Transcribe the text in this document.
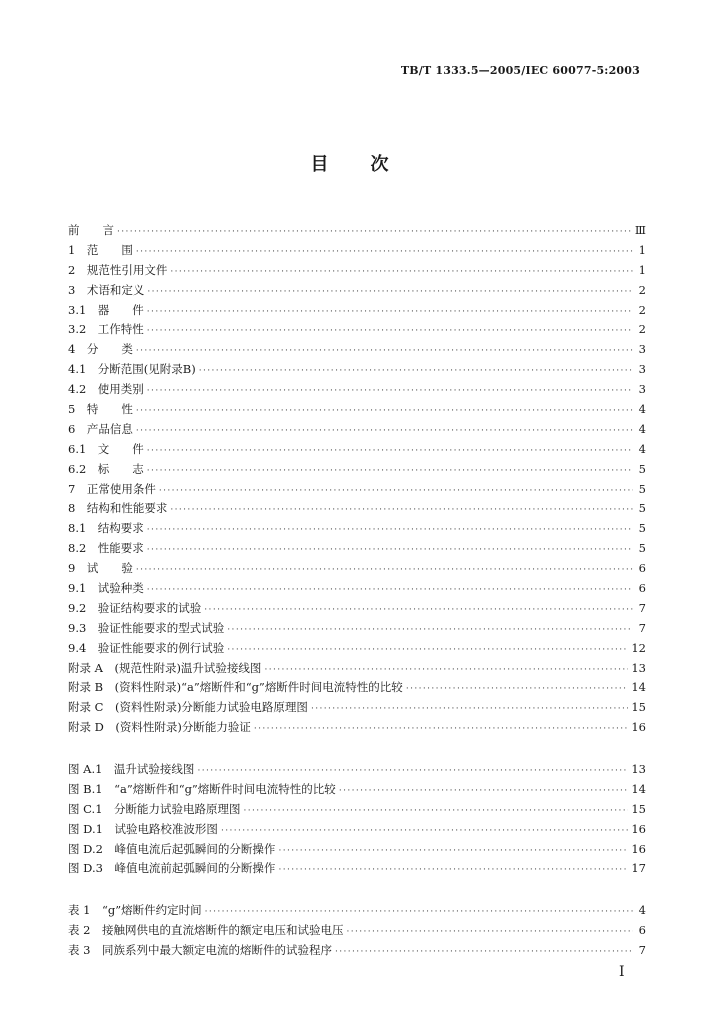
TB/T 1333.5—2005/IEC 60077-5:2003
目　　次
前　　言 ·····	Ⅲ
1　范　　围 ·····	1
2　规范性引用文件 ·····	1
3　术语和定义 ·····	2
3.1　器　　件 ·····	2
3.2　工作特性 ·····	2
4　分　　类 ·····	3
4.1　分断范围(见附录B) ·····	3
4.2　使用类别 ·····	3
5　特　　性 ·····	4
6　产品信息 ·····	4
6.1　文　　件 ·····	4
6.2　标　　志 ·····	5
7　正常使用条件 ·····	5
8　结构和性能要求 ·····	5
8.1　结构要求 ·····	5
8.2　性能要求 ·····	5
9　试　　验 ·····	6
9.1　试验种类 ·····	6
9.2　验证结构要求的试验 ·····	7
9.3　验证性能要求的型式试验 ·····	7
9.4　验证性能要求的例行试验 ·····	12
附录 A　(规范性附录)温升试验接线图 ·····	13
附录 B　(资料性附录)“a”熔断件和“g”熔断件时间电流特性的比较 ·····	14
附录 C　(资料性附录)分断能力试验电路原理图 ·····	15
附录 D　(资料性附录)分断能力验证 ·····	16
图 A.1　温升试验接线图 ·····	13
图 B.1　“a”熔断件和“g”熔断件时间电流特性的比较 ·····	14
图 C.1　分断能力试验电路原理图 ·····	15
图 D.1　试验电路校准波形图 ·····	16
图 D.2　峰值电流后起弧瞬间的分断操作 ·····	16
图 D.3　峰值电流前起弧瞬间的分断操作 ·····	17
表 1　“g”熔断件约定时间 ·····	4
表 2　接触网供电的直流熔断件的额定电压和试验电压 ·····	6
表 3　同族系列中最大额定电流的熔断件的试验程序 ·····	7
Ⅰ
